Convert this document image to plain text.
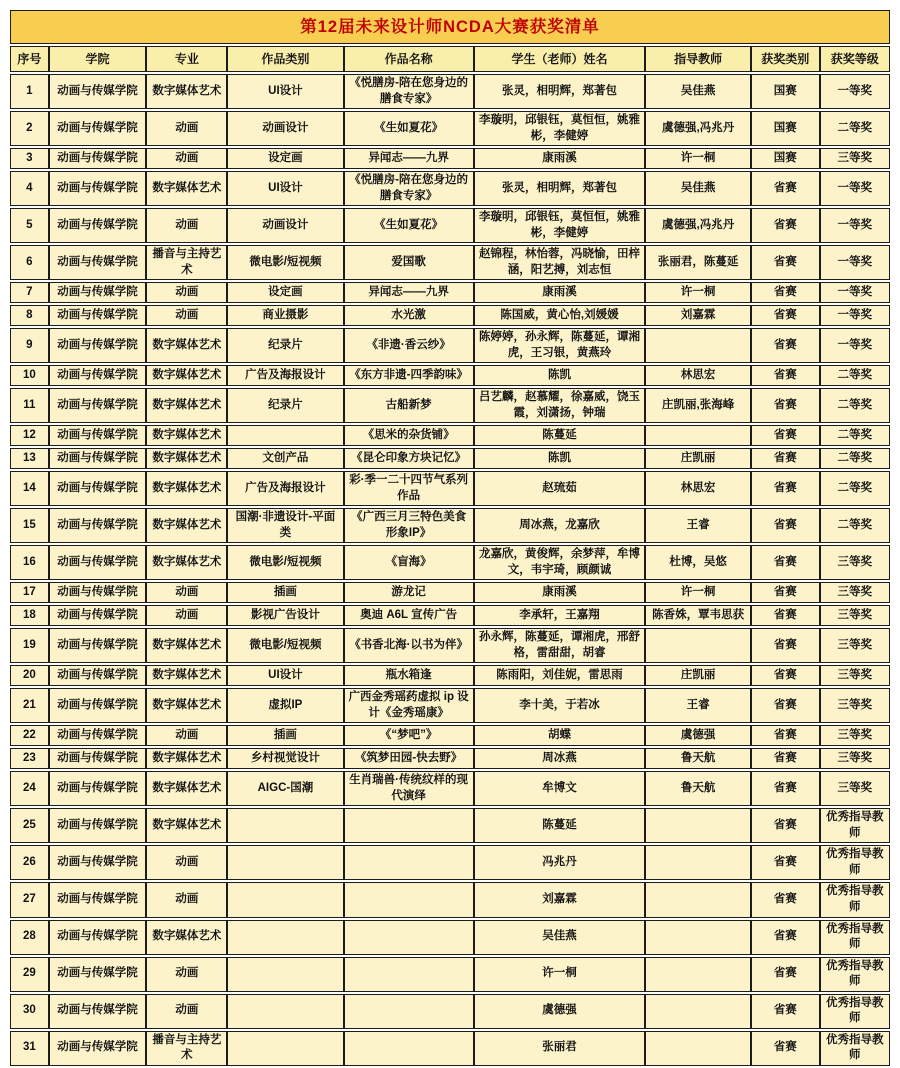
第12届未来设计师NCDA大赛获奖清单								
序号	学院	专业	作品类别	作品名称	学生（老师）姓名	指导教师	获奖类别	获奖等级
1	动画与传媒学院	数字媒体艺术	UI设计	《悦膳房-陪在您身边的膳食专家》	张灵，相明辉，郑著包	吴佳燕	国赛	一等奖
2	动画与传媒学院	动画	动画设计	《生如夏花》	李璇明，邱银钰，莫恒恒，姚雅彬，李健婷	虞德强,冯兆丹	国赛	二等奖
3	动画与传媒学院	动画	设定画	异闻志——九界	康雨溪	许一桐	国赛	三等奖
4	动画与传媒学院	数字媒体艺术	UI设计	《悦膳房-陪在您身边的膳食专家》	张灵，相明辉，郑著包	吴佳燕	省赛	一等奖
5	动画与传媒学院	动画	动画设计	《生如夏花》	李璇明，邱银钰，莫恒恒，姚雅彬，李健婷	虞德强,冯兆丹	省赛	一等奖
6	动画与传媒学院	播音与主持艺术	微电影/短视频	爱国歌	赵锦程，林怡蓉，冯晓愉，田梓涵，阳艺搏，刘志恒	张丽君，陈蔓延	省赛	一等奖
7	动画与传媒学院	动画	设定画	异闻志——九界	康雨溪	许一桐	省赛	一等奖
8	动画与传媒学院	动画	商业摄影	水光激	陈国威，黄心怡,刘媛媛	刘嘉霖	省赛	一等奖
9	动画与传媒学院	数字媒体艺术	纪录片	《非遗·香云纱》	陈婷婷，孙永辉，陈蔓延，谭湘虎，王习银，黄燕玲		省赛	一等奖
10	动画与传媒学院	数字媒体艺术	广告及海报设计	《东方非遗-四季韵味》	陈凯	林思宏	省赛	二等奖
11	动画与传媒学院	数字媒体艺术	纪录片	古船新梦	吕艺麟，赵慕耀，徐嘉威，饶玉霞，刘潇扬，钟瑞	庄凯丽,张海峰	省赛	二等奖
12	动画与传媒学院	数字媒体艺术		《思米的杂货铺》	陈蔓延		省赛	二等奖
13	动画与传媒学院	数字媒体艺术	文创产品	《昆仑印象方块记忆》	陈凯	庄凯丽	省赛	二等奖
14	动画与传媒学院	数字媒体艺术	广告及海报设计	彩·季一二十四节气系列作品	赵琉茹	林思宏	省赛	二等奖
15	动画与传媒学院	数字媒体艺术	国潮·非遗设计-平面类	《广西三月三特色美食形象IP》	周冰燕，龙嘉欣	王睿	省赛	二等奖
16	动画与传媒学院	数字媒体艺术	微电影/短视频	《盲海》	龙嘉欣，黄俊辉，余梦萍，牟博文，韦宇琦，顾颜诚	杜博，吴悠	省赛	三等奖
17	动画与传媒学院	动画	插画	游龙记	康雨溪	许一桐	省赛	三等奖
18	动画与传媒学院	动画	影视广告设计	奥迪 A6L 宣传广告	李承轩，王嘉翔	陈香姝，覃韦思获	省赛	三等奖
19	动画与传媒学院	数字媒体艺术	微电影/短视频	《书香北海·以书为伴》	孙永辉，陈蔓延，谭湘虎，邢舒格，雷甜甜，胡睿		省赛	三等奖
20	动画与传媒学院	数字媒体艺术	UI设计	瓶水箱逢	陈雨阳，刘佳妮，雷思雨	庄凯丽	省赛	三等奖
21	动画与传媒学院	数字媒体艺术	虚拟IP	广西金秀瑶药虚拟 ip 设计《金秀瑶康》	李十美，于若冰	王睿	省赛	三等奖
22	动画与传媒学院	动画	插画	《“梦吧”》	胡蝶	虞德强	省赛	三等奖
23	动画与传媒学院	数字媒体艺术	乡村视觉设计	《筑梦田园-快去野》	周冰燕	鲁天航	省赛	三等奖
24	动画与传媒学院	数字媒体艺术	AIGC-国潮	生肖瑞兽·传统纹样的现代演绎	牟博文	鲁天航	省赛	三等奖
25	动画与传媒学院	数字媒体艺术			陈蔓延		省赛	优秀指导教师
26	动画与传媒学院	动画			冯兆丹		省赛	优秀指导教师
27	动画与传媒学院	动画			刘嘉霖		省赛	优秀指导教师
28	动画与传媒学院	数字媒体艺术			吴佳燕		省赛	优秀指导教师
29	动画与传媒学院	动画			许一桐		省赛	优秀指导教师
30	动画与传媒学院	动画			虞德强		省赛	优秀指导教师
31	动画与传媒学院	播音与主持艺术			张丽君		省赛	优秀指导教师
